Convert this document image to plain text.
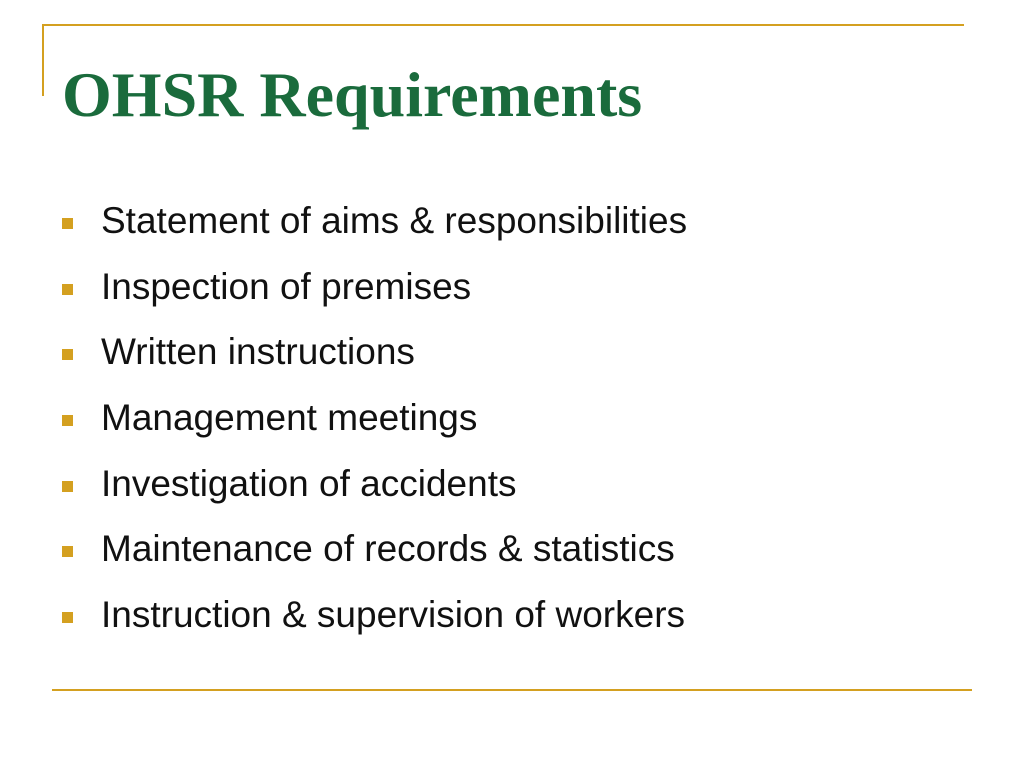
OHSR Requirements
Statement of aims & responsibilities
Inspection of premises
Written instructions
Management meetings
Investigation of accidents
Maintenance of records & statistics
Instruction & supervision of workers
